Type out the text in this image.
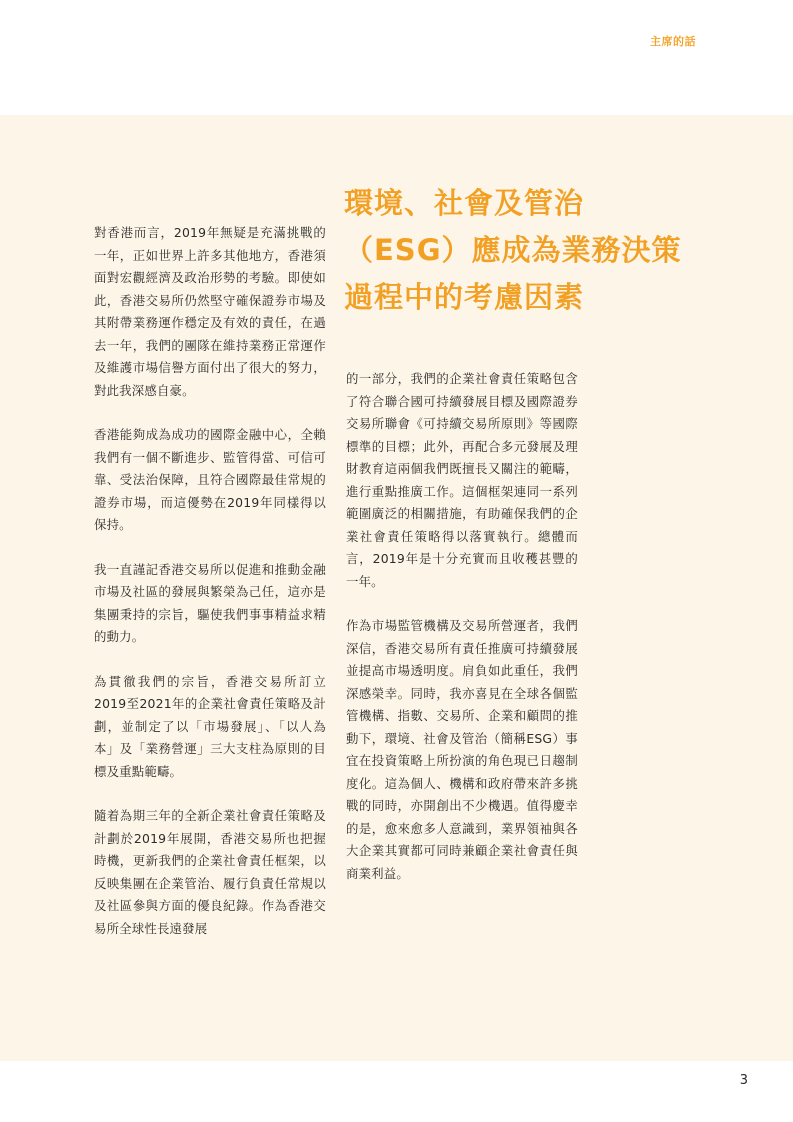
主席的話
環境、社會及管治
（ESG）應成為業務決策
過程中的考慮因素

對香港而言，2019年無疑是充滿挑戰的一年，正如世界上許多其他地方，香港須面對宏觀經濟及政治形勢的考驗。即使如此，香港交易所仍然堅守確保證券市場及其附帶業務運作穩定及有效的責任，在過去一年，我們的團隊在維持業務正常運作及維護市場信譽方面付出了很大的努力，對此我深感自豪。

香港能夠成為成功的國際金融中心，全賴我們有一個不斷進步、監管得當、可信可靠、受法治保障，且符合國際最佳常規的證券市場，而這優勢在2019年同樣得以保持。

我一直謹記香港交易所以促進和推動金融市場及社區的發展與繁榮為己任，這亦是集團秉持的宗旨，驅使我們事事精益求精的動力。

為貫徹我們的宗旨，香港交易所訂立2019至2021年的企業社會責任策略及計劃，並制定了以「市場發展」、「以人為本」及「業務營運」三大支柱為原則的目標及重點範疇。

隨着為期三年的全新企業社會責任策略及計劃於2019年展開，香港交易所也把握時機，更新我們的企業社會責任框架，以反映集團在企業管治、履行負責任常規以及社區參與方面的優良紀錄。作為香港交易所全球性長遠發展

的一部分，我們的企業社會責任策略包含了符合聯合國可持續發展目標及國際證券交易所聯會《可持續交易所原則》等國際標準的目標；此外，再配合多元發展及理財教育這兩個我們既擅長又關注的範疇，進行重點推廣工作。這個框架連同一系列範圍廣泛的相關措施，有助確保我們的企業社會責任策略得以落實執行。總體而言，2019年是十分充實而且收穫甚豐的一年。

作為市場監管機構及交易所營運者，我們深信，香港交易所有責任推廣可持續發展並提高市場透明度。肩負如此重任，我們深感榮幸。同時，我亦喜見在全球各個監管機構、指數、交易所、企業和顧問的推動下，環境、社會及管治（簡稱ESG）事宜在投資策略上所扮演的角色現已日趨制度化。這為個人、機構和政府帶來許多挑戰的同時，亦開創出不少機遇。值得慶幸的是，愈來愈多人意識到，業界領袖與各大企業其實都可同時兼顧企業社會責任與商業利益。

3
